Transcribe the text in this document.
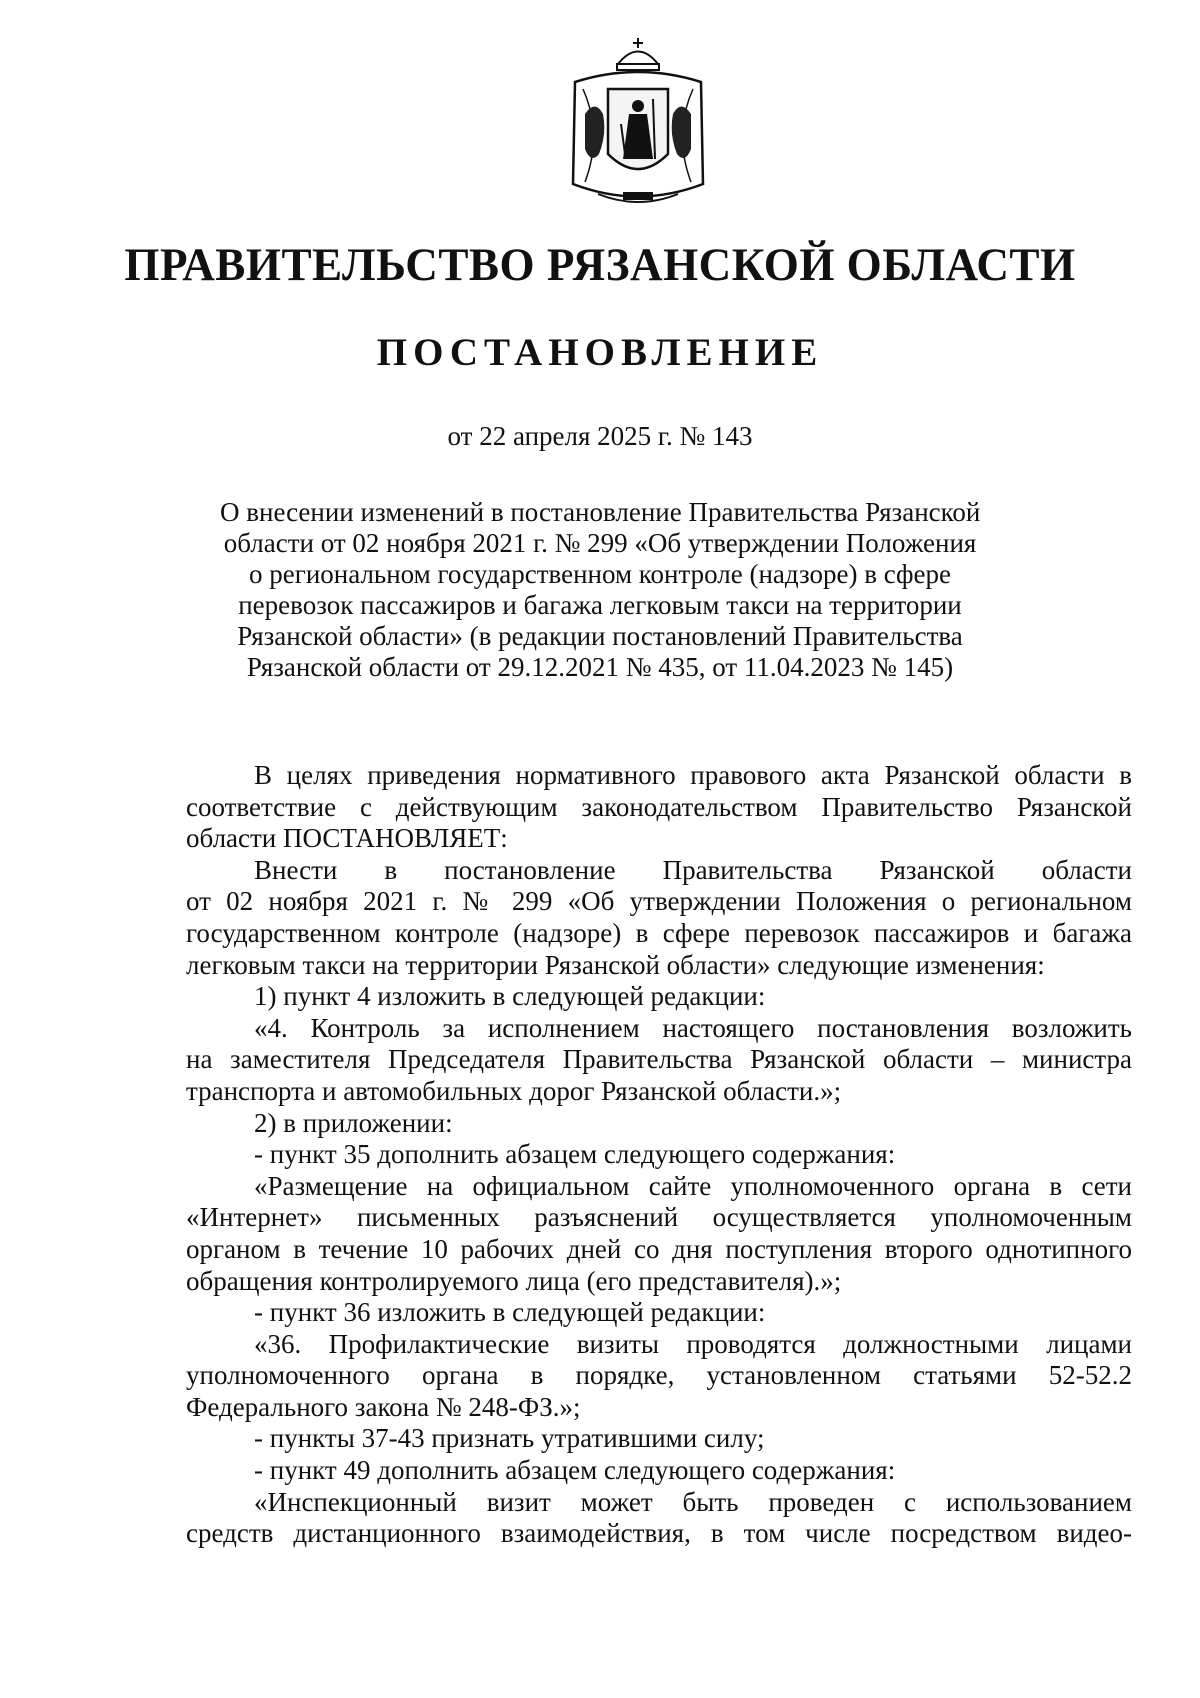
ПРАВИТЕЛЬСТВО РЯЗАНСКОЙ ОБЛАСТИ
ПОСТАНОВЛЕНИЕ
от 22 апреля 2025 г. № 143
О внесении изменений в постановление Правительства Рязанской
области от 02 ноября 2021 г. № 299 «Об утверждении Положения
о региональном государственном контроле (надзоре) в сфере
перевозок пассажиров и багажа легковым такси на территории
Рязанской области» (в редакции постановлений Правительства
Рязанской области от 29.12.2021 № 435, от 11.04.2023 № 145)
В целях приведения нормативного правового акта Рязанской области в
соответствие с действующим законодательством Правительство Рязанской
области ПОСТАНОВЛЯЕТ:
Внести в постановление Правительства Рязанской области
от 02 ноября 2021 г. № 299 «Об утверждении Положения о региональном
государственном контроле (надзоре) в сфере перевозок пассажиров и багажа
легковым такси на территории Рязанской области» следующие изменения:
1) пункт 4 изложить в следующей редакции:
«4. Контроль за исполнением настоящего постановления возложить
на заместителя Председателя Правительства Рязанской области – министра
транспорта и автомобильных дорог Рязанской области.»;
2) в приложении:
- пункт 35 дополнить абзацем следующего содержания:
«Размещение на официальном сайте уполномоченного органа в сети
«Интернет» письменных разъяснений осуществляется уполномоченным
органом в течение 10 рабочих дней со дня поступления второго однотипного
обращения контролируемого лица (его представителя).»;
- пункт 36 изложить в следующей редакции:
«36. Профилактические визиты проводятся должностными лицами
уполномоченного органа в порядке, установленном статьями 52-52.2
Федерального закона № 248-ФЗ.»;
- пункты 37-43 признать утратившими силу;
- пункт 49 дополнить абзацем следующего содержания:
«Инспекционный визит может быть проведен с использованием
средств дистанционного взаимодействия, в том числе посредством видео-
